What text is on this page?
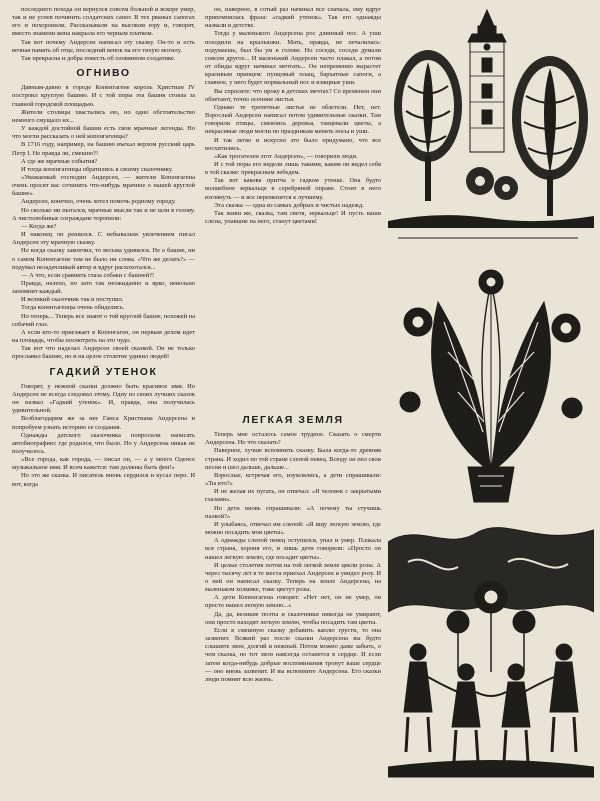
последнего похода он вернулся совсем больной и вскоре умер, так и не успев починить солдатских сапог. В тех рваных сапогах его и похоронили. Рассказывали на высоком юру и, говорят, вместо знамени жена накрыла его черным платком.

Так вот почему Андерсен написал эту сказку. Он-то и есть вечная память об отце, последний венок на его тихую могилу.

Так прекрасна и добра повесть об оловянном солдатике.

ОГНИВО

Давным-давно в городе Копенгагене король Христиан IV построил круглую башню. И с той поры эта башня стояла за главной городской площадью.

Жители столицы хвастались ею, но одно обстоятельство немного смущало их...

У каждой достойной башни есть свои мрачные легенды. Но что могли рассказать о ней копенгагенцы?

В 1716 году, например, на башню въехал верхом русский царь Петр I. Не правда ли, смешно?!

А где же мрачные события?

И тогда копенгагенцы обратились к своему сказочнику.

«Уважаемый господин Андерсен, — жители Копенгагена очень просят вас сочинить что-нибудь мрачное о нашей круглой башне».

Андерсен, конечно, очень хотел помочь родному городу.

Но сколько ни пытался, мрачные мысли так и не шли в голову. А чистолюбивые сограждане торопили:

— Когда же?

И наконец он решился. С небывалым увлечением писал Андерсен эту мрачную сказку.

Но когда сказку закончил, то весьма удивился. Не о башне, ни о самом Копенгагене там не было ни слова. «Что же делать?» — подумал незадачливый автор и вдруг расхохотался...

— А что, если сравнить глаза собаки с башней?!

Правда, нелепо, но зато так неожиданно и ярко, невольно запомнит каждый.

И великий сказочник так и поступил.

Тогда копенгагенцы очень обиделись.

Но теперь... Теперь все знают о той круглой башне, похожей на собачий глаз.

А если кто-то приезжает в Копенгаген, он первым делом идет на площадь, чтобы посмотреть на это чудо.

Так вот что наделал Андерсен своей сказкой. Он не только прославил башню, но и на целое столетие удивил людей!

ГАДКИЙ УТЕНОК

Говорят, у нежной сказки должно быть красивое имя. Но Андерсен не всегда следовал этому. Одну из своих лучших сказок он назвал «Гадкий утенок». И, правда, она получилась удивительной.

Возблагодарим же за нее Ганса Христиана Андерсена и попробуем узнать историю ее создания.

Однажды датского сказочника попросили написать автобиографию: где родился, что было. Но у Андерсена никак не получилось.

«Все города, как города, — писал он, — а у моего Оденсе музыкальное имя. И всем кажется: там должны быть феи!»

Но это же сказка. И писатель вновь сердился и кусал перо. И вот, когда

он, наверное, в сотый раз начинал все сначала, ему вдруг припомнилась фраза: «гадкий утенок». Так его однажды назвали в детстве.

Тогда у маленького Андерсена рос длинный нос. А уши походили на крылышки. Мать, правда, не печалилась: подумаешь, был бы ум в голове. Но соседи, соседи думали совсем другое... И маленький Андерсен часто плакал, а потом от обиды вдруг начинал мечтать... Он непременно вырастет красивым принцем: пунцовый плащ, бархатные сапоги, а главное, у него будет нормальный нос и изящные уши.

Вы спросите: что проку в детских мечтах? Со временем они облетают, точно осенние листья.

Однако те трепетные листья не облетели. Нет, нет. Взрослый Андерсен написал потом удивительные сказки. Там говорили птицы, смеялись деревья, танцевали цветы, а некрасивые люди могли по праздникам менять носы и уши.

И так легко и искусно это было придумано, что все восхитились.

«Как трогателен этот Андерсен», — говорили люди.

И с той поры его видели лишь такими, каким он видел себя в той сказке: прекрасным лебедем.

Так вот какова притча о гадком утенке. Она будто волшебное зеркальце в серебряной оправе. Стоит в него взглянуть — и все переменится к лучшему.

Эта сказка — одна из самых добрых и чистых надежд.

Так живи же, сказка, там светя, зеркальце! И пусть ваши слезы, упавшие на него, станут цветами!

ЛЕГКАЯ ЗЕМЛЯ

Теперь мне осталось самое трудное. Сказать о смерти Андерсена. Но что сказать?

Наверное, лучше вспомнить сказку. Была когда-то древняя страна. И ходил по той стране слепой певец. Всюду он пел свои песни и шел дальше, дальше...

Взрослые, встречая его, изумлялись, а дети спрашивали: «Ты кто?»

И не желая их пугать, он отвечал: «Я человек с закрытыми глазами».

Но дети вновь спрашивали: «А почему ты стучишь палкой?»

И улыбаясь, отвечал им слепой: «Я ищу легкую землю, где можно посадить мои цветы».

А однажды слепой певец оступился, упал и умер. Плакала вся страна, хороня его, и лишь дети говорили: «Просто он нашел легкую землю, где посадит цветы».

И целые столетия потом на той легкой земле цвели розы. А через тысячу лет в те места приехал Андерсен и увидел розу. И о ней он написал сказку. Теперь на земле Андерсена, на маленьком холмике, тоже цветут розы.

А дети Копенгагена говорят: «Нет нет, он не умер, он просто нашел легкую землю...»

Да, да, великие поэты и сказочники никогда не умирают, они просто находят легкую землю, чтобы посадить там цветы.

Если в смешную сказку добавить каплю грусти, то она зазвенит. Всякий раз после сказки Андерсена вы будто слышите звон, долгий и нежный. Потом можно даже забыть, о чем сказка, но тот звон навсегда останется в сердце. И если затем когда-нибудь добрые воспоминания тронут ваше сердце — оно вновь зазвенит. И вы вспомните Андерсена. Его сказки люди помнят всю жизнь.
